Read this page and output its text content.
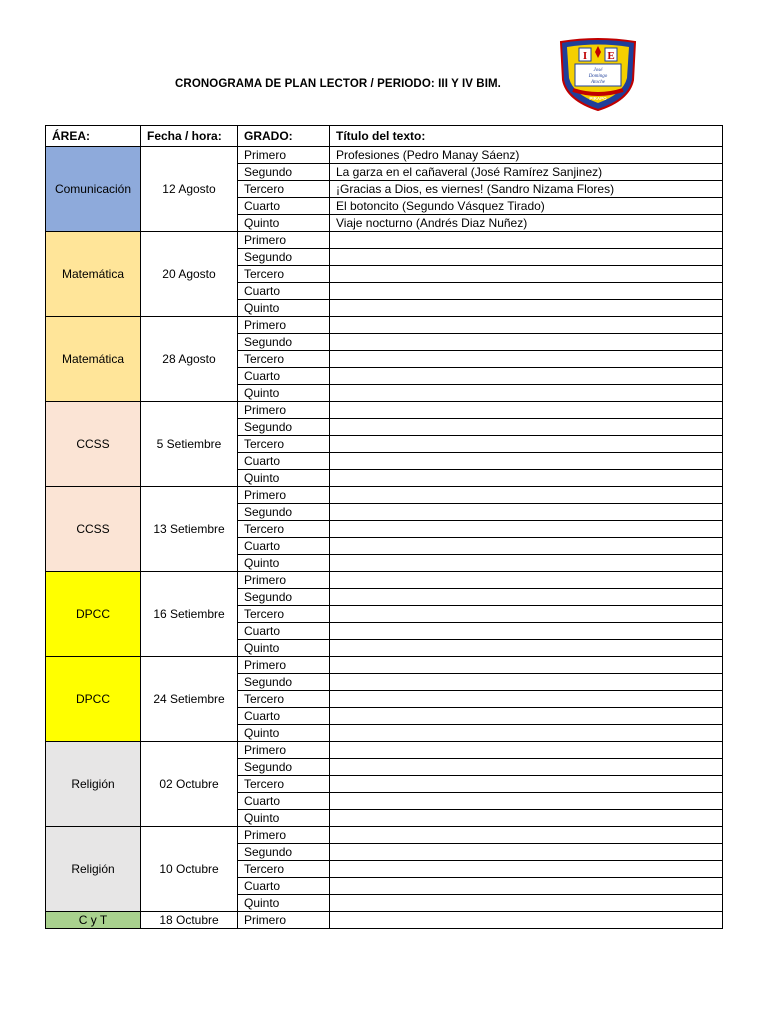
CRONOGRAMA DE PLAN LECTOR / PERIODO: III Y IV BIM.
I E
José
Domingo
Atoche
PIRAPO
ÁREA:	Fecha / hora:	GRADO:	Título del texto:
Comunicación	12 Agosto	Primero	Profesiones (Pedro Manay Sáenz)
		Segundo	La garza en el cañaveral (José Ramírez Sanjinez)
		Tercero	¡Gracias a Dios, es viernes! (Sandro Nizama Flores)
		Cuarto	El botoncito (Segundo Vásquez Tirado)
		Quinto	Viaje nocturno (Andrés Diaz Nuñez)
Matemática	20 Agosto	Primero	
		Segundo	
		Tercero	
		Cuarto	
		Quinto	
Matemática	28 Agosto	Primero	
		Segundo	
		Tercero	
		Cuarto	
		Quinto	
CCSS	5 Setiembre	Primero	
		Segundo	
		Tercero	
		Cuarto	
		Quinto	
CCSS	13 Setiembre	Primero	
		Segundo	
		Tercero	
		Cuarto	
		Quinto	
DPCC	16 Setiembre	Primero	
		Segundo	
		Tercero	
		Cuarto	
		Quinto	
DPCC	24 Setiembre	Primero	
		Segundo	
		Tercero	
		Cuarto	
		Quinto	
Religión	02 Octubre	Primero	
		Segundo	
		Tercero	
		Cuarto	
		Quinto	
Religión	10 Octubre	Primero	
		Segundo	
		Tercero	
		Cuarto	
		Quinto	
C y T	18 Octubre	Primero	
